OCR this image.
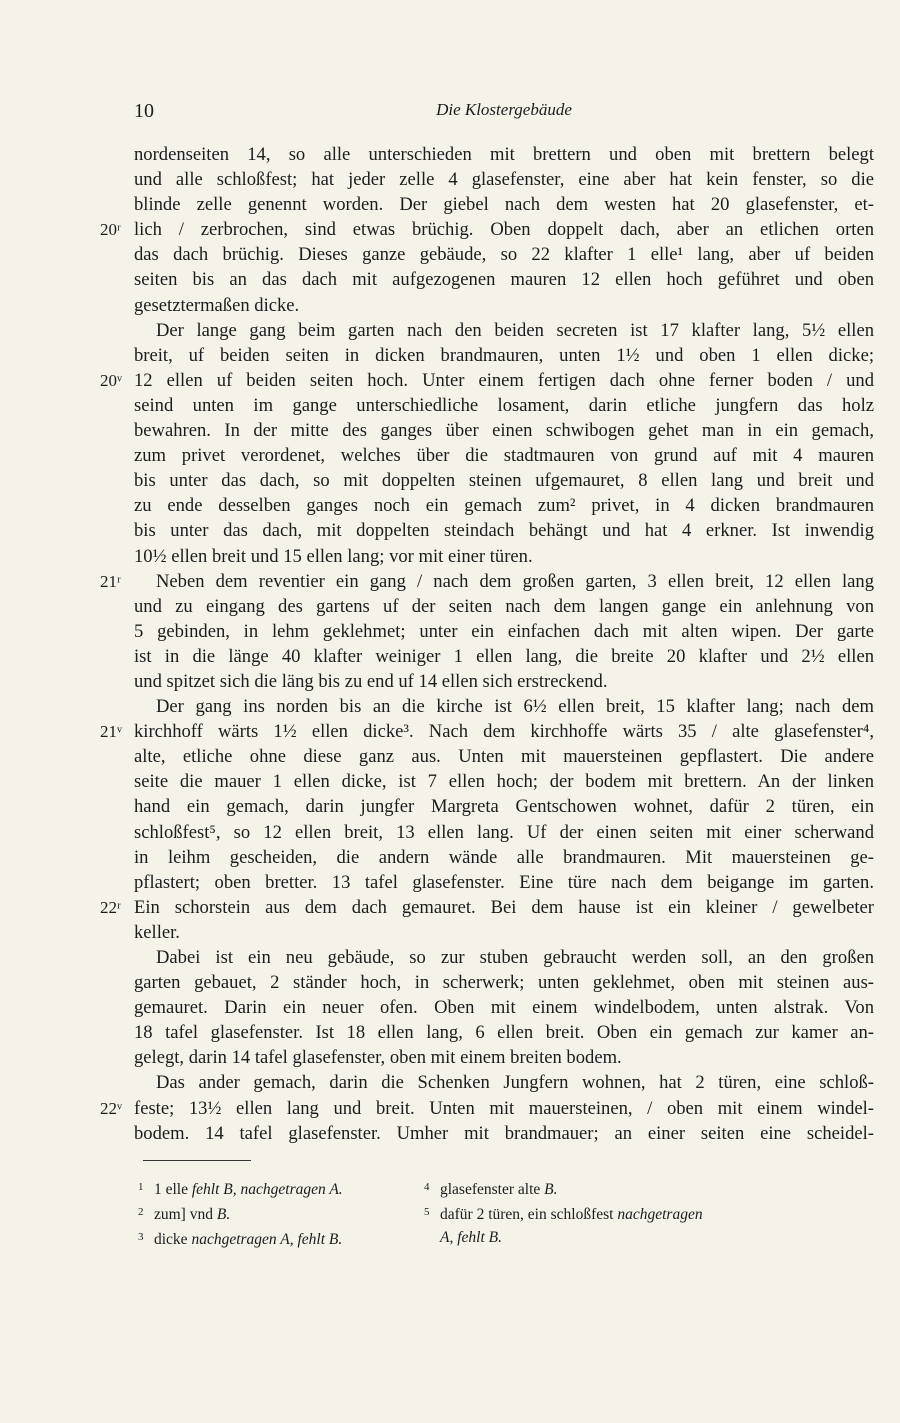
10	Die Klostergebäude
nordenseiten 14, so alle unterschieden mit brettern und oben mit brettern belegt
und alle schloßfest; hat jeder zelle 4 glasefenster, eine aber hat kein fenster, so die
blinde zelle genennt worden. Der giebel nach dem westen hat 20 glasefenster, et-
20ʳ lich / zerbrochen, sind etwas brüchig. Oben doppelt dach, aber an etlichen orten
das dach brüchig. Dieses ganze gebäude, so 22 klafter 1 elle¹ lang, aber uf beiden
seiten bis an das dach mit aufgezogenen mauren 12 ellen hoch geführet und oben
gesetztermaßen dicke.
Der lange gang beim garten nach den beiden secreten ist 17 klafter lang, 5½ ellen
breit, uf beiden seiten in dicken brandmauren, unten 1½ und oben 1 ellen dicke;
20ᵛ 12 ellen uf beiden seiten hoch. Unter einem fertigen dach ohne ferner boden / und
seind unten im gange unterschiedliche losament, darin etliche jungfern das holz
bewahren. In der mitte des ganges über einen schwibogen gehet man in ein gemach,
zum privet verordenet, welches über die stadtmauren von grund auf mit 4 mauren
bis unter das dach, so mit doppelten steinen ufgemauret, 8 ellen lang und breit und
zu ende desselben ganges noch ein gemach zum² privet, in 4 dicken brandmauren
bis unter das dach, mit doppelten steindach behängt und hat 4 erkner. Ist inwendig
10½ ellen breit und 15 ellen lang; vor mit einer türen.
21ʳ Neben dem reventier ein gang / nach dem großen garten, 3 ellen breit, 12 ellen lang
und zu eingang des gartens uf der seiten nach dem langen gange ein anlehnung von
5 gebinden, in lehm geklehmet; unter ein einfachen dach mit alten wipen. Der garte
ist in die länge 40 klafter weiniger 1 ellen lang, die breite 20 klafter und 2½ ellen
und spitzet sich die läng bis zu end uf 14 ellen sich erstreckend.
Der gang ins norden bis an die kirche ist 6½ ellen breit, 15 klafter lang; nach dem
21ᵛ kirchhoff wärts 1½ ellen dicke³. Nach dem kirchhoffe wärts 35 / alte glasefenster⁴,
alte, etliche ohne diese ganz aus. Unten mit mauersteinen gepflastert. Die andere
seite die mauer 1 ellen dicke, ist 7 ellen hoch; der bodem mit brettern. An der linken
hand ein gemach, darin jungfer Margreta Gentschowen wohnet, dafür 2 türen, ein
schloßfest⁵, so 12 ellen breit, 13 ellen lang. Uf der einen seiten mit einer scherwand
in leihm gescheiden, die andern wände alle brandmauren. Mit mauersteinen ge-
pflastert; oben bretter. 13 tafel glasefenster. Eine türe nach dem beigange im garten.
22ʳ Ein schorstein aus dem dach gemauret. Bei dem hause ist ein kleiner / gewelbeter
keller.
Dabei ist ein neu gebäude, so zur stuben gebraucht werden soll, an den großen
garten gebauet, 2 ständer hoch, in scherwerk; unten geklehmet, oben mit steinen aus-
gemauret. Darin ein neuer ofen. Oben mit einem windelbodem, unten alstrak. Von
18 tafel glasefenster. Ist 18 ellen lang, 6 ellen breit. Oben ein gemach zur kamer an-
gelegt, darin 14 tafel glasefenster, oben mit einem breiten bodem.
Das ander gemach, darin die Schenken Jungfern wohnen, hat 2 türen, eine schloß-
22ᵛ feste; 13½ ellen lang und breit. Unten mit mauersteinen, / oben mit einem windel-
bodem. 14 tafel glasefenster. Umher mit brandmauer; an einer seiten eine scheidel-
1 1 elle fehlt B, nachgetragen A.
2 zum] vnd B.
3 dicke nachgetragen A, fehlt B.
4 glasefenster alte B.
5 dafür 2 türen, ein schloßfest nachgetragen
A, fehlt B.
